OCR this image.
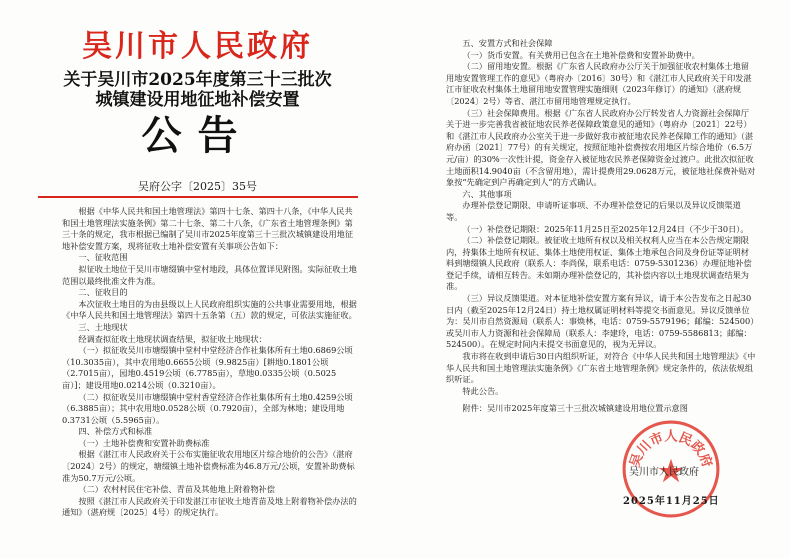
吴川市人民政府
关于吴川市2025年度第三十三批次
城镇建设用地征地补偿安置
公告
吴府公字〔2025〕35号

根据《中华人民共和国土地管理法》第四十七条、第四十八条，《中华人民共和国土地管理法实施条例》第二十七条、第二十八条，《广东省土地管理条例》第三十条的规定，我市根据已编制了吴川市2025年度第三十三批次城镇建设用地征地补偿安置方案，现将征收土地补偿安置有关事项公告如下：

一、征收范围

拟征收土地位于吴川市塘缀镇中堂村地段，具体位置详见附图。实际征收土地范围以最终批准文件为准。

二、征收目的

本次征收土地目的为由县级以上人民政府组织实施的公共事业需要用地，根据《中华人民共和国土地管理法》第四十五条第（五）款的规定，可依法实施征收。

三、土地现状

经调查拟征收土地现状调查结果，拟征收土地现状：

（一）拟征收吴川市塘缀镇中堂村中堂经济合作社集体所有土地0.6869公顷（10.3035亩），其中农用地0.6655公顷（9.9825亩）[耕地0.1801公顷（2.7015亩），园地0.4519公顷（6.7785亩），草地0.0335公顷（0.5025亩）]；建设用地0.0214公顷（0.3210亩）。

（二）拟征收吴川市塘缀镇中堂村香堂经济合作社集体所有土地0.4259公顷（6.3885亩）；其中农用地0.0528公顷（0.7920亩），全部为林地；建设用地0.3731公顷（5.5965亩）。

四、补偿方式和标准

（一）土地补偿费和安置补助费标准

根据《湛江市人民政府关于公布实施征收农用地区片综合地价的公告》（湛府〔2024〕2号）的规定，塘缀镇土地补偿费标准为46.8万元/公顷，安置补助费标准为50.7万元/公顷。

（二）农村村民住宅补偿、青苗及其他地上附着物补偿

按照《湛江市人民政府关于印发湛江市征收土地青苗及地上附着物补偿办法的通知》（湛府规〔2025〕4号）的规定执行。

五、安置方式和社会保障

（一）货币安置。有关费用已包含在土地补偿费和安置补助费中。

（二）留用地安置。根据《广东省人民政府办公厅关于加强征收农村集体土地留用地安置管理工作的意见》（粤府办〔2016〕30号）和《湛江市人民政府关于印发湛江市征收农村集体土地留用地安置管理实施细则（2023年修订）的通知》（湛府规〔2024〕2号）等省、湛江市留用地管理规定执行。

（三）社会保障费用。根据《广东省人民政府办公厅转发省人力资源社会保障厅关于进一步完善我省被征地农民养老保障政策意见的通知》（粤府办〔2021〕22号）和《湛江市人民政府办公室关于进一步做好我市被征地农民养老保障工作的通知》（湛府办函〔2021〕77号）的有关规定，按照征地补偿费按农用地区片综合地价（6.5万元/亩）的30%一次性计提，资金存入被征地农民养老保障资金过渡户。此批次拟征收土地面积14.9040亩（不含留用地），需计提费用29.0628万元，被征地社保费补贴对象按“先确定到户再确定到人”的方式确认。

六、其他事项

办理补偿登记期限、申请听证事项、不办理补偿登记的后果以及异议反馈渠道等。

（一）补偿登记期限：2025年11月25日至2025年12月24日（不少于30日）。

（二）补偿登记期限。被征收土地所有权以及相关权利人应当在本公告规定期限内，持集体土地所有权证、集体土地使用权证、集体土地承包合同及身份证等证明材料到塘缀镇人民政府（联系人：李尚保，联系电话：0759-5301236）办理征地补偿登记手续，请相互转告。未如期办理补偿登记的，其补偿内容以土地现状调查结果为准。

（三）异议反馈渠道。对本征地补偿安置方案有异议，请于本公告发布之日起30日内（截至2025年12月24日）持土地权属证明材料等提交书面意见。异议反馈单位为：吴川市自然资源局（联系人：事焕林，电话：0759-5579196；邮编：524500）或吴川市人力资源和社会保障局（联系人：李建玲，电话：0759-5586813；邮编：524500）。在规定时间内未提交书面意见的，视为无异议。

我市将在收到申请后30日内组织听证，对符合《中华人民共和国土地管理法》《中华人民共和国土地管理法实施条例》《广东省土地管理条例》规定条件的，依法依规组织听证。

特此公告。

附件：吴川市2025年度第三十三批次城镇建设用地位置示意图

吴川市人民政府
吴川市人民政府
2025年11月25日
